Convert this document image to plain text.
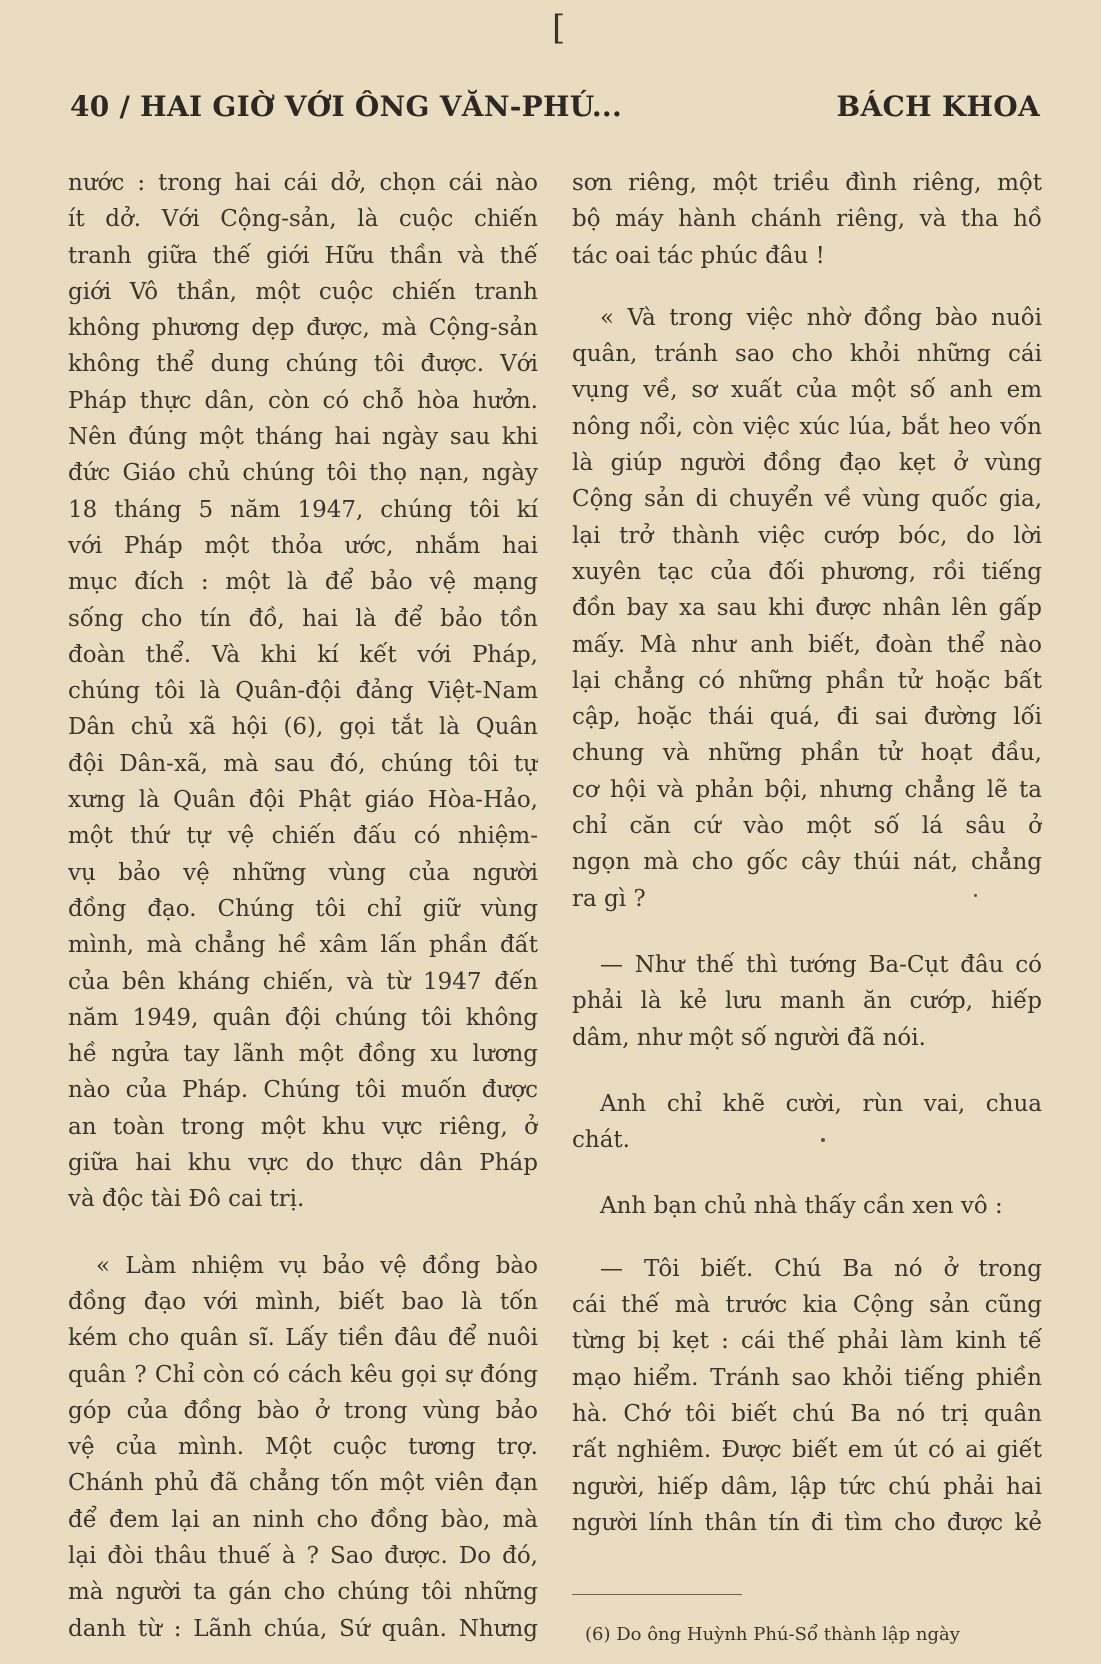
[
40 / HAI GIỜ VỚI ÔNG VĂN-PHÚ...	BÁCH KHOA

nước : trong hai cái dở, chọn cái nào

ít dở. Với Cộng-sản, là cuộc chiến

tranh giữa thế giới Hữu thần và thế

giới Vô thần, một cuộc chiến tranh

không phương dẹp được, mà Cộng-sản

không thể dung chúng tôi được. Với

Pháp thực dân, còn có chỗ hòa hưởn.

Nên đúng một tháng hai ngày sau khi

đức Giáo chủ chúng tôi thọ nạn, ngày

18 tháng 5 năm 1947, chúng tôi kí

với Pháp một thỏa ước, nhắm hai

mục đích : một là để bảo vệ mạng

sống cho tín đồ, hai là để bảo tồn

đoàn thể. Và khi kí kết với Pháp,

chúng tôi là Quân-đội đảng Việt-Nam

Dân chủ xã hội (6), gọi tắt là Quân

đội Dân-xã, mà sau đó, chúng tôi tự

xưng là Quân đội Phật giáo Hòa-Hảo,

một thứ tự vệ chiến đấu có nhiệm-

vụ bảo vệ những vùng của người

đồng đạo. Chúng tôi chỉ giữ vùng

mình, mà chẳng hề xâm lấn phần đất

của bên kháng chiến, và từ 1947 đến

năm 1949, quân đội chúng tôi không

hề ngửa tay lãnh một đồng xu lương

nào của Pháp. Chúng tôi muốn được

an toàn trong một khu vực riêng, ở

giữa hai khu vực do thực dân Pháp

và độc tài Đô cai trị.

« Làm nhiệm vụ bảo vệ đồng bào

đồng đạo với mình, biết bao là tốn

kém cho quân sĩ. Lấy tiền đâu để nuôi

quân ? Chỉ còn có cách kêu gọi sự đóng

góp của đồng bào ở trong vùng bảo

vệ của mình. Một cuộc tương trợ.

Chánh phủ đã chẳng tốn một viên đạn

để đem lại an ninh cho đồng bào, mà

lại đòi thâu thuế à ? Sao được. Do đó,

mà người ta gán cho chúng tôi những

danh từ : Lãnh chúa, Sứ quân. Nhưng

sơn riêng, một triều đình riêng, một

bộ máy hành chánh riêng, và tha hồ

tác oai tác phúc đâu !

« Và trong việc nhờ đồng bào nuôi

quân, tránh sao cho khỏi những cái

vụng về, sơ xuất của một số anh em

nông nổi, còn việc xúc lúa, bắt heo vốn

là giúp người đồng đạo kẹt ở vùng

Cộng sản di chuyển về vùng quốc gia,

lại trở thành việc cướp bóc, do lời

xuyên tạc của đối phương, rồi tiếng

đồn bay xa sau khi được nhân lên gấp

mấy. Mà như anh biết, đoàn thể nào

lại chẳng có những phần tử hoặc bất

cập, hoặc thái quá, đi sai đường lối

chung và những phần tử hoạt đầu,

cơ hội và phản bội, nhưng chẳng lẽ ta

chỉ căn cứ vào một số lá sâu ở

ngọn mà cho gốc cây thúi nát, chẳng

ra gì ?

— Như thế thì tướng Ba-Cụt đâu có

phải là kẻ lưu manh ăn cướp, hiếp

dâm, như một số người đã nói.

Anh chỉ khẽ cười, rùn vai, chua

chát.

Anh bạn chủ nhà thấy cần xen vô :

— Tôi biết. Chú Ba nó ở trong

cái thế mà trước kia Cộng sản cũng

từng bị kẹt : cái thế phải làm kinh tế

mạo hiểm. Tránh sao khỏi tiếng phiền

hà. Chớ tôi biết chú Ba nó trị quân

rất nghiêm. Được biết em út có ai giết

người, hiếp dâm, lập tức chú phải hai

người lính thân tín đi tìm cho được kẻ

(6) Do ông Huỳnh Phú-Sổ thành lập ngày
